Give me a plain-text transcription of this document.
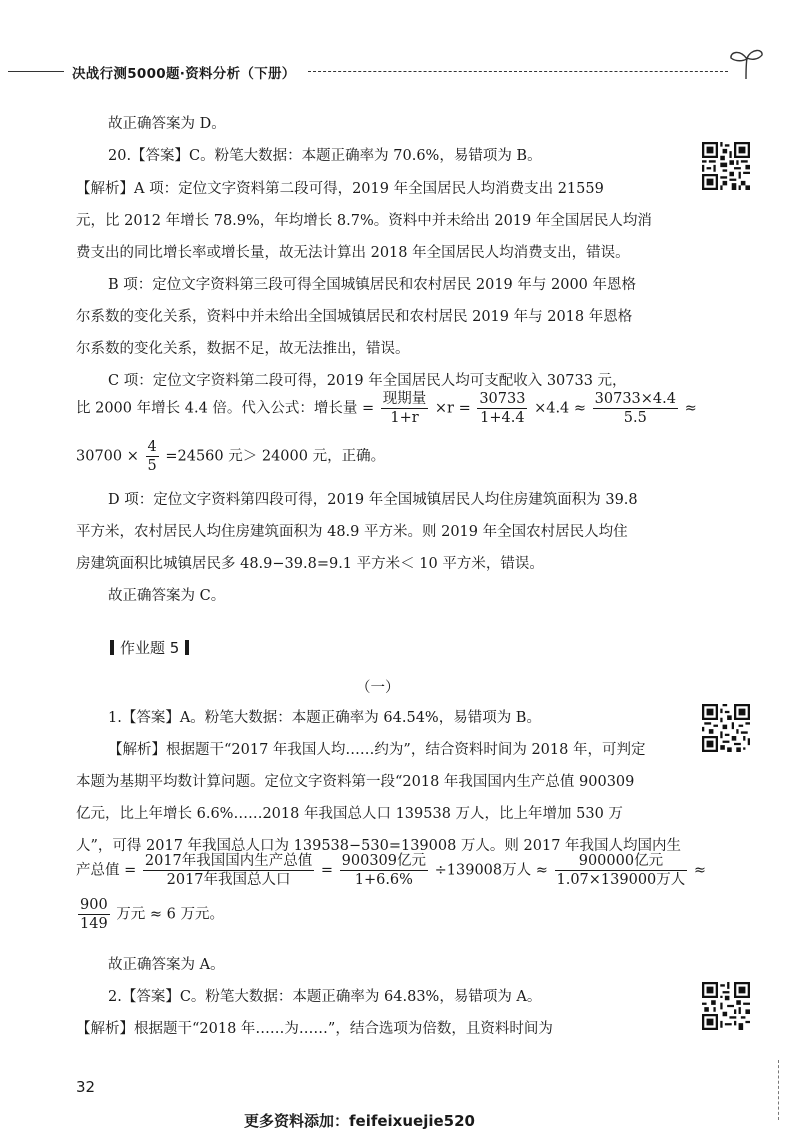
决战行测5000题·资料分析（下册）
故正确答案为 D。
20.【答案】C。粉笔大数据：本题正确率为 70.6%，易错项为 B。
【解析】A 项：定位文字资料第二段可得，2019 年全国居民人均消费支出 21559
元，比 2012 年增长 78.9%，年均增长 8.7%。资料中并未给出 2019 年全国居民人均消
费支出的同比增长率或增长量，故无法计算出 2018 年全国居民人均消费支出，错误。
B 项：定位文字资料第三段可得全国城镇居民和农村居民 2019 年与 2000 年恩格
尔系数的变化关系，资料中并未给出全国城镇居民和农村居民 2019 年与 2018 年恩格
尔系数的变化关系，数据不足，故无法推出，错误。
C 项：定位文字资料第二段可得，2019 年全国居民人均可支配收入 30733 元，
比 2000 年增长 4.4 倍。代入公式：增长量 = $\frac{\text{现期量}}{1+r} \times r = \frac{30733}{1+4.4} \times 4.4 \approx \frac{30733\times 4.4}{5.5}$ ≈
$30700 \times \frac{4}{5} =24560$ 元＞ 24000 元，正确。
D 项：定位文字资料第四段可得，2019 年全国城镇居民人均住房建筑面积为 39.8
平方米，农村居民人均住房建筑面积为 48.9 平方米。则 2019 年全国农村居民人均住
房建筑面积比城镇居民多 48.9−39.8=9.1 平方米＜ 10 平方米，错误。
故正确答案为 C。
作业题 5
（一）
1.【答案】A。粉笔大数据：本题正确率为 64.54%，易错项为 B。
【解析】根据题干“2017 年我国人均……约为”，结合资料时间为 2018 年，可判定
本题为基期平均数计算问题。定位文字资料第一段“2018 年我国国内生产总值 900309
亿元，比上年增长 6.6%……2018 年我国总人口 139538 万人，比上年增加 530 万
人”，可得 2017 年我国总人口为 139538−530=139008 万人。则 2017 年我国人均国内生
产总值 = $\frac{\text{2017年我国国内生产总值}}{\text{2017年我国总人口}} = \frac{\text{900309亿元}}{1+6.6\%} \div 139008$万人 ≈ $\frac{\text{900000亿元}}{\text{1.07×139000万人}}$ ≈
$\frac{900}{149}$ 万元 ≈ 6 万元。
故正确答案为 A。
2.【答案】C。粉笔大数据：本题正确率为 64.83%，易错项为 A。
【解析】根据题干“2018 年……为……”，结合选项为倍数，且资料时间为
32
更多资料添加：feifeixuejie520
